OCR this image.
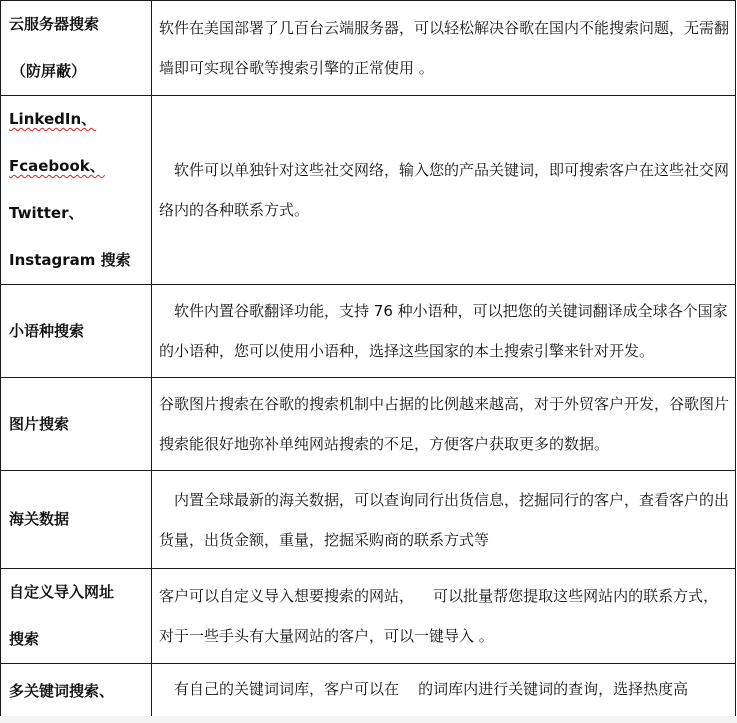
云服务器搜索
（防屏蔽）	软件在美国部署了几百台云端服务器，可以轻松解决谷歌在国内不能搜索问题，无需翻墙即可实现谷歌等搜索引擎的正常使用 。

LinkedIn、
Fcaebook、
Twitter、
Instagram 搜索	软件可以单独针对这些社交网络，输入您的产品关键词，即可搜索客户在这些社交网络内的各种联系方式。

小语种搜索	软件内置谷歌翻译功能，支持 76 种小语种，可以把您的关键词翻译成全球各个国家的小语种，您可以使用小语种，选择这些国家的本土搜索引擎来针对开发。

图片搜索	谷歌图片搜索在谷歌的搜索机制中占据的比例越来越高，对于外贸客户开发，谷歌图片搜索能很好地弥补单纯网站搜索的不足，方便客户获取更多的数据。

海关数据	内置全球最新的海关数据，可以查询同行出货信息，挖掘同行的客户，查看客户的出货量，出货金额，重量，挖掘采购商的联系方式等

自定义导入网址
搜索	客户可以自定义导入想要搜索的网站，    可以批量帮您提取这些网站内的联系方式，对于一些手头有大量网站的客户，可以一键导入 。

多关键词搜索、	有自己的关键词词库，客户可以在    的词库内进行关键词的查询，选择热度高
